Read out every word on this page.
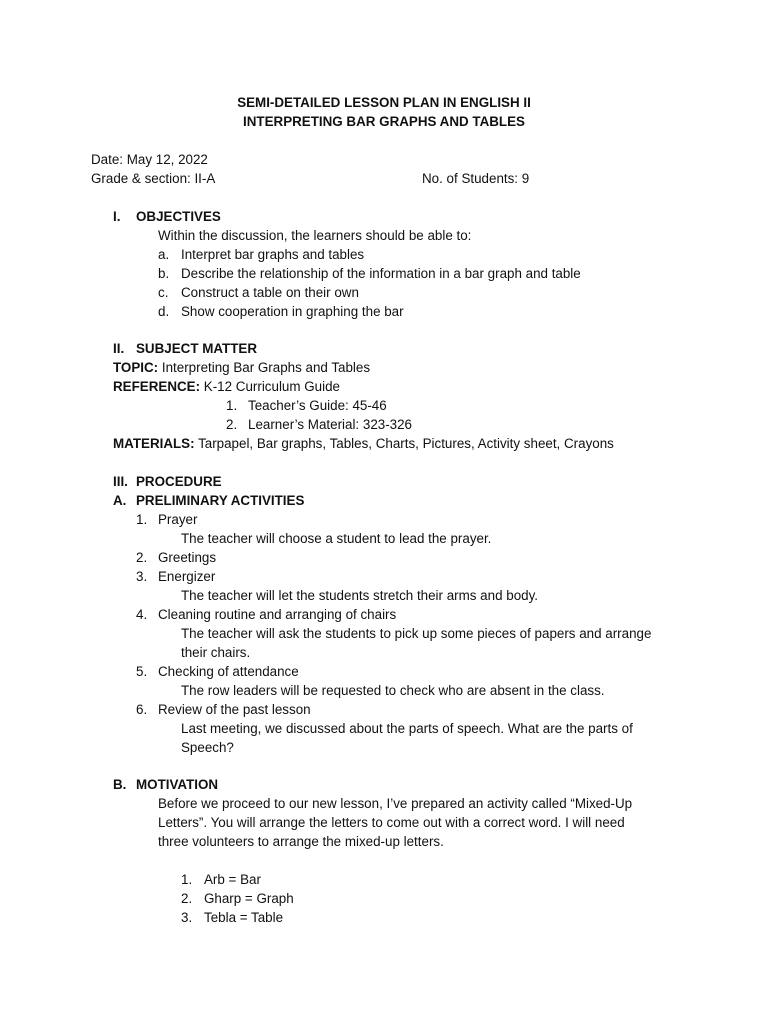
SEMI-DETAILED LESSON PLAN IN ENGLISH II
INTERPRETING BAR GRAPHS AND TABLES
Date: May 12, 2022
Grade & section: II-A	No. of Students: 9
I. OBJECTIVES
Within the discussion, the learners should be able to:
a. Interpret bar graphs and tables
b. Describe the relationship of the information in a bar graph and table
c. Construct a table on their own
d. Show cooperation in graphing the bar
II. SUBJECT MATTER
TOPIC: Interpreting Bar Graphs and Tables
REFERENCE: K-12 Curriculum Guide
1. Teacher’s Guide: 45-46
2. Learner’s Material: 323-326
MATERIALS: Tarpapel, Bar graphs, Tables, Charts, Pictures, Activity sheet, Crayons
III. PROCEDURE
A. PRELIMINARY ACTIVITIES
1. Prayer
The teacher will choose a student to lead the prayer.
2. Greetings
3. Energizer
The teacher will let the students stretch their arms and body.
4. Cleaning routine and arranging of chairs
The teacher will ask the students to pick up some pieces of papers and arrange
their chairs.
5. Checking of attendance
The row leaders will be requested to check who are absent in the class.
6. Review of the past lesson
Last meeting, we discussed about the parts of speech. What are the parts of
Speech?
B. MOTIVATION
Before we proceed to our new lesson, I’ve prepared an activity called “Mixed-Up
Letters”. You will arrange the letters to come out with a correct word. I will need
three volunteers to arrange the mixed-up letters.
1. Arb = Bar
2. Gharp = Graph
3. Tebla = Table
